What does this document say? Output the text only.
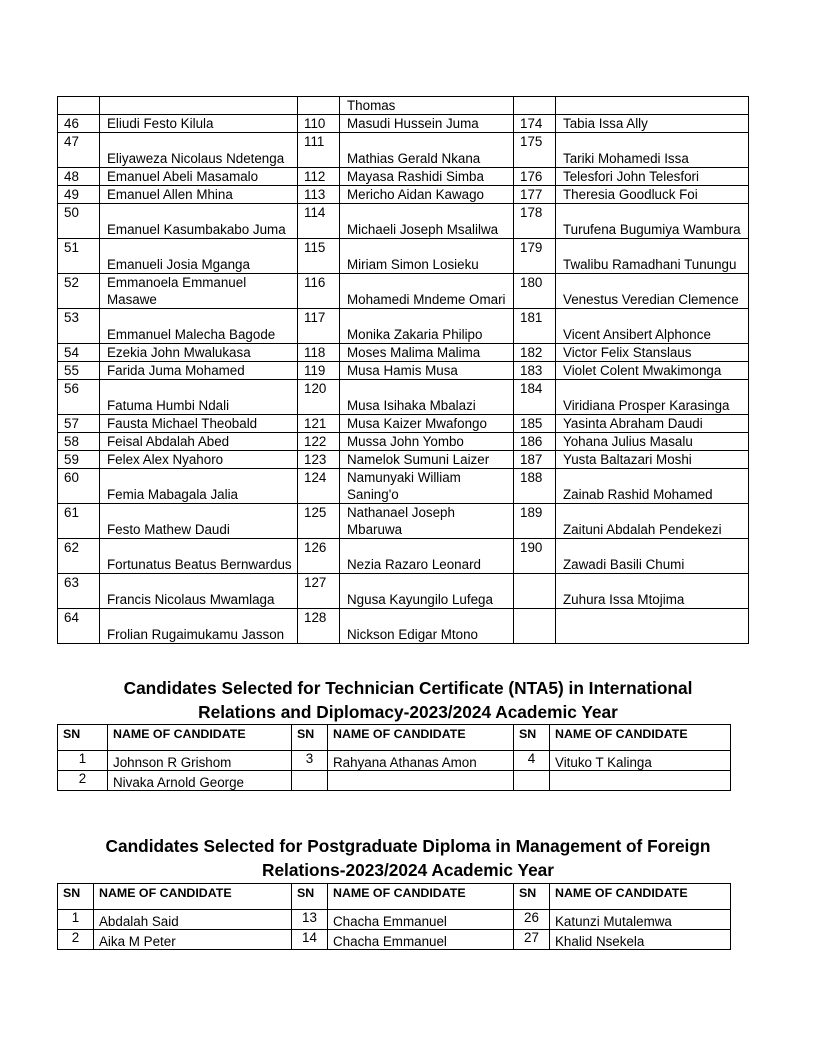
			Thomas		
46	Eliudi Festo Kilula	110	Masudi Hussein Juma	174	Tabia Issa Ally
47	Eliyaweza Nicolaus Ndetenga	111	Mathias Gerald Nkana	175	Tariki Mohamedi Issa
48	Emanuel Abeli Masamalo	112	Mayasa Rashidi Simba	176	Telesfori John Telesfori
49	Emanuel Allen Mhina	113	Mericho Aidan Kawago	177	Theresia Goodluck Foi
50	Emanuel Kasumbakabo Juma	114	Michaeli Joseph Msalilwa	178	Turufena Bugumiya Wambura
51	Emanueli Josia Mganga	115	Miriam Simon Losieku	179	Twalibu Ramadhani Tunungu
52	Emmanoela Emmanuel Masawe	116	Mohamedi Mndeme Omari	180	Venestus Veredian Clemence
53	Emmanuel Malecha Bagode	117	Monika Zakaria Philipo	181	Vicent Ansibert Alphonce
54	Ezekia John Mwalukasa	118	Moses Malima Malima	182	Victor Felix Stanslaus
55	Farida Juma Mohamed	119	Musa Hamis Musa	183	Violet Colent Mwakimonga
56	Fatuma Humbi Ndali	120	Musa Isihaka Mbalazi	184	Viridiana Prosper Karasinga
57	Fausta Michael Theobald	121	Musa Kaizer Mwafongo	185	Yasinta Abraham Daudi
58	Feisal Abdalah Abed	122	Mussa John Yombo	186	Yohana Julius Masalu
59	Felex Alex Nyahoro	123	Namelok Sumuni Laizer	187	Yusta Baltazari Moshi
60	Femia Mabagala Jalia	124	Namunyaki William Saning'o	188	Zainab Rashid Mohamed
61	Festo Mathew Daudi	125	Nathanael Joseph Mbaruwa	189	Zaituni Abdalah Pendekezi
62	Fortunatus Beatus Bernwardus	126	Nezia Razaro Leonard	190	Zawadi Basili Chumi
63	Francis Nicolaus Mwamlaga	127	Ngusa Kayungilo Lufega		Zuhura Issa Mtojima
64	Frolian Rugaimukamu Jasson	128	Nickson Edigar Mtono		
Candidates Selected for Technician Certificate (NTA5) in International
Relations and Diplomacy-2023/2024 Academic Year
SN	NAME OF CANDIDATE	SN	NAME OF CANDIDATE	SN	NAME OF CANDIDATE
1	Johnson R Grishom	3	Rahyana Athanas Amon	4	Vituko T Kalinga
2	Nivaka Arnold George				
Candidates Selected for Postgraduate Diploma in Management of Foreign
Relations-2023/2024 Academic Year
SN	NAME OF CANDIDATE	SN	NAME OF CANDIDATE	SN	NAME OF CANDIDATE
1	Abdalah Said	13	Chacha Emmanuel	26	Katunzi Mutalemwa
2	Aika M Peter	14	Chacha Emmanuel	27	Khalid Nsekela
